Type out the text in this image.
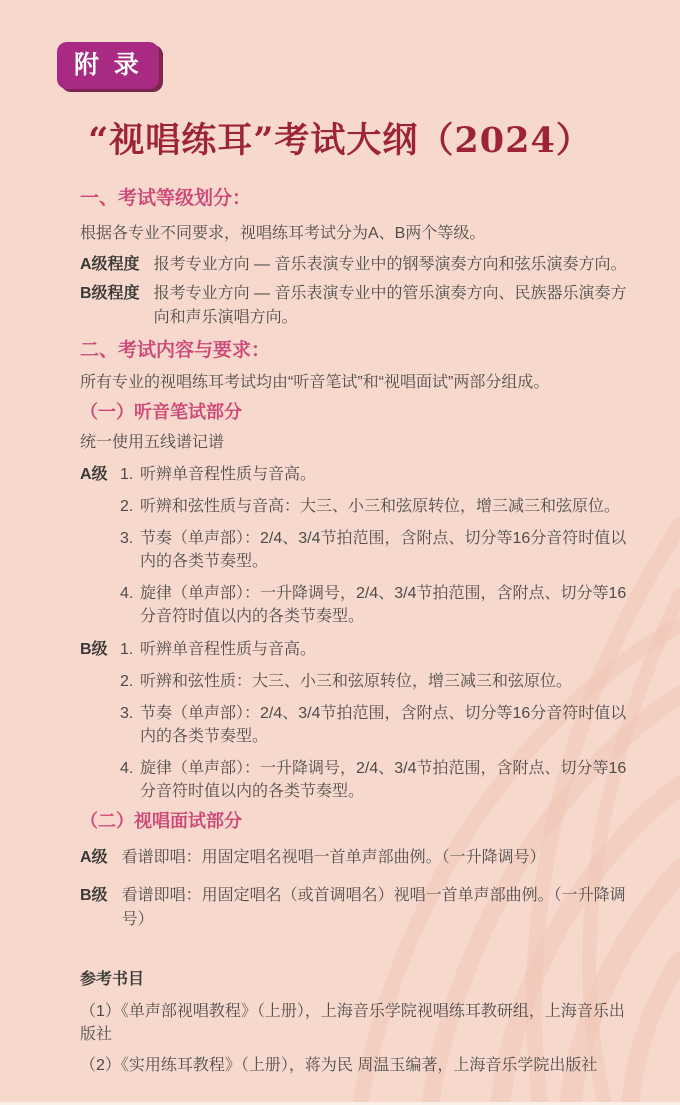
附 录
“视唱练耳”考试大纲（2024）
一、考试等级划分：
根据各专业不同要求，视唱练耳考试分为A、B两个等级。
A级程度 报考专业方向 — 音乐表演专业中的钢琴演奏方向和弦乐演奏方向。
B级程度 报考专业方向 — 音乐表演专业中的管乐演奏方向、民族器乐演奏方向和声乐演唱方向。
二、考试内容与要求：
所有专业的视唱练耳考试均由“听音笔试”和“视唱面试”两部分组成。
（一）听音笔试部分
统一使用五线谱记谱
A级 1. 听辨单音程性质与音高。
2. 听辨和弦性质与音高：大三、小三和弦原转位，增三减三和弦原位。
3. 节奏（单声部）：2/4、3/4节拍范围，含附点、切分等16分音符时值以内的各类节奏型。
4. 旋律（单声部）：一升降调号，2/4、3/4节拍范围，含附点、切分等16分音符时值以内的各类节奏型。
B级 1. 听辨单音程性质与音高。
2. 听辨和弦性质：大三、小三和弦原转位，增三减三和弦原位。
3. 节奏（单声部）：2/4、3/4节拍范围，含附点、切分等16分音符时值以内的各类节奏型。
4. 旋律（单声部）：一升降调号，2/4、3/4节拍范围，含附点、切分等16分音符时值以内的各类节奏型。
（二）视唱面试部分
A级 看谱即唱：用固定唱名视唱一首单声部曲例。（一升降调号）
B级 看谱即唱：用固定唱名（或首调唱名）视唱一首单声部曲例。（一升降调号）
参考书目
（1）《单声部视唱教程》（上册），上海音乐学院视唱练耳教研组，上海音乐出版社
（2）《实用练耳教程》（上册），蒋为民 周温玉编著，上海音乐学院出版社
